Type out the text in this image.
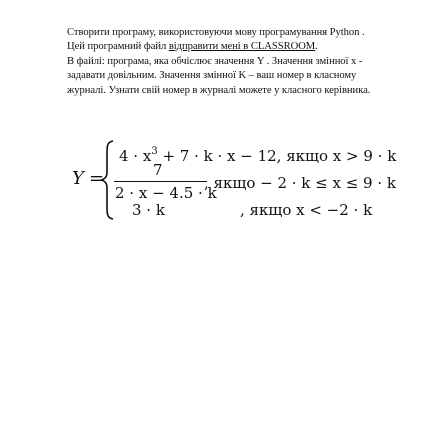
Створити програму, використовуючи мову програмування Python .
Цей програмний файл відправити мені в CLASSROOM.
В файлі: програма, яка обчіслює значення Y . Значення змінної x -
задавати довільним. Значення змінної K – ваш номер в класному
журналі. Узнати свій номер в журналі можете у класного керівника.
Y =
$4 \cdot x^3 + 7 \cdot k \cdot x - 12$, якщо x > 9 · k
7
2 · x − 4.5 · k
, якщо − 2 · k ≤ x ≤ 9 · k
3 · k	, якщо x < −2 · k
